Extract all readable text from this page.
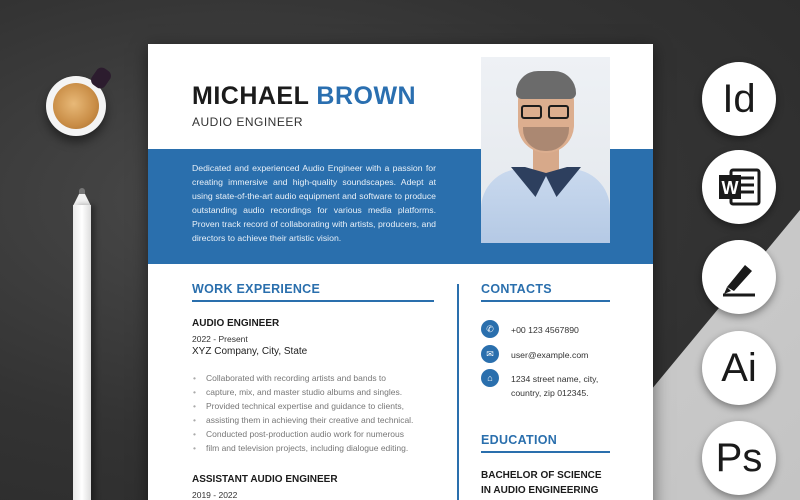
MICHAEL BROWN
AUDIO ENGINEER
Dedicated and experienced Audio Engineer with a passion for creating immersive and high-quality soundscapes. Adept at using state-of-the-art audio equipment and software to produce outstanding audio recordings for various media platforms. Proven track record of collaborating with artists, producers, and directors to achieve their artistic vision.
WORK EXPERIENCE
AUDIO ENGINEER
2022 - Present
XYZ Company, City, State
• Collaborated with recording artists and bands to
• capture, mix, and master studio albums and singles.
• Provided technical expertise and guidance to clients,
• assisting them in achieving their creative and technical.
• Conducted post-production audio work for numerous
• film and television projects, including dialogue editing.
ASSISTANT AUDIO ENGINEER
2019 - 2022
CONTACTS
✆	+00 123 4567890
✉	user@example.com
⌂	1234 street name, city,
country, zip 012345.
EDUCATION
BACHELOR OF SCIENCE
IN AUDIO ENGINEERING
Id
W
Ai
Ps
